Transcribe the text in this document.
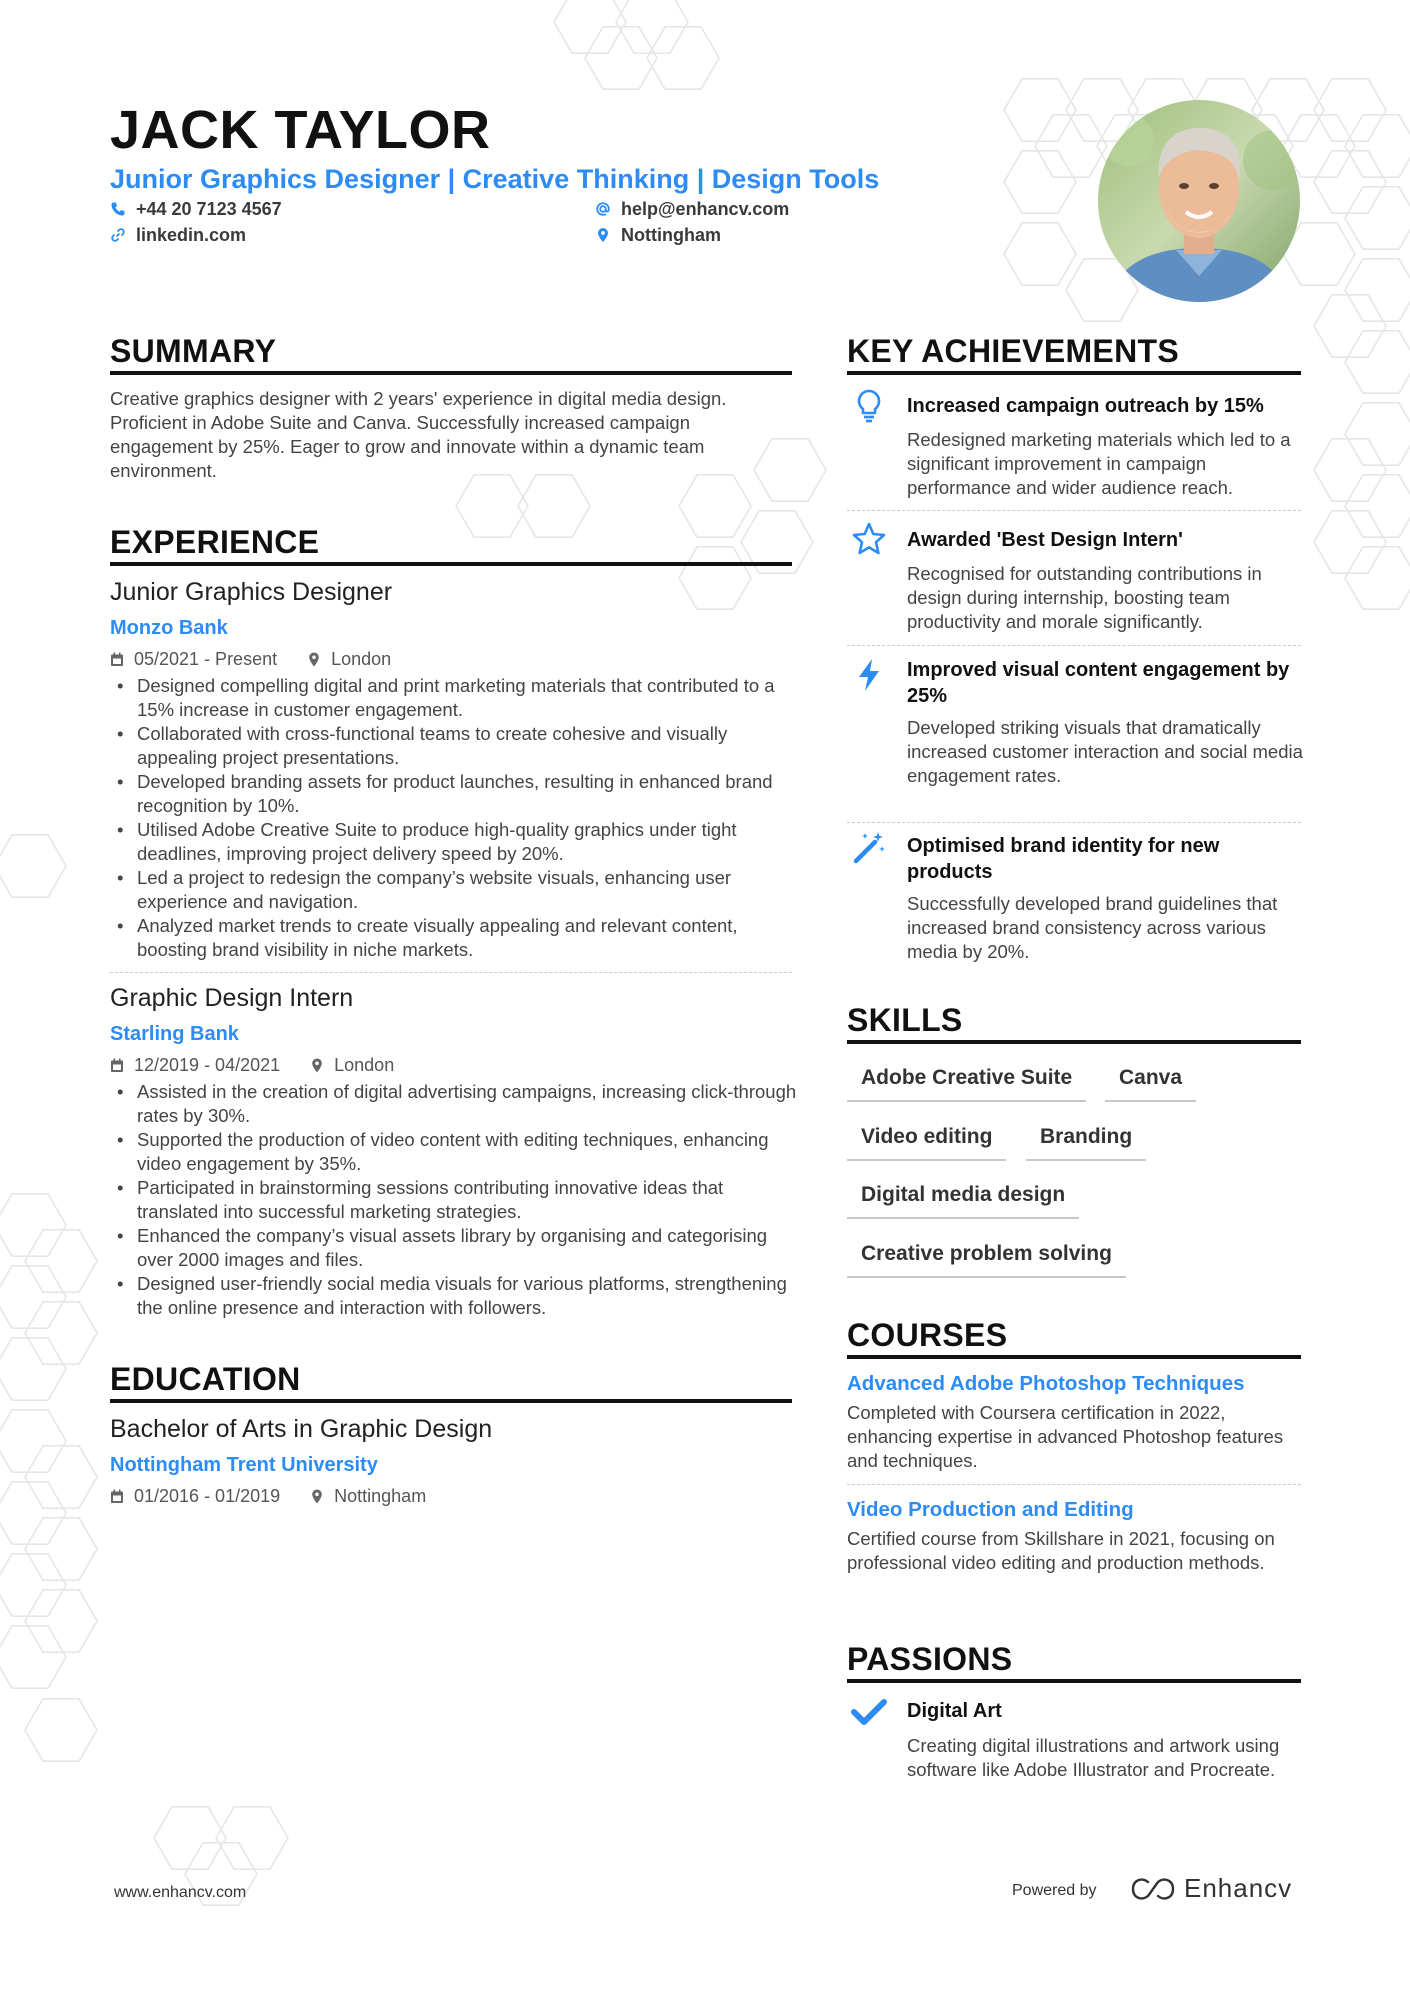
JACK TAYLOR
Junior Graphics Designer | Creative Thinking | Design Tools
+44 20 7123 4567	help@enhancv.com
linkedin.com	Nottingham
SUMMARY
Creative graphics designer with 2 years' experience in digital media design. Proficient in Adobe Suite and Canva. Successfully increased campaign engagement by 25%. Eager to grow and innovate within a dynamic team environment.
EXPERIENCE
Junior Graphics Designer
Monzo Bank
05/2021 - Present	London
• Designed compelling digital and print marketing materials that contributed to a 15% increase in customer engagement.
• Collaborated with cross-functional teams to create cohesive and visually appealing project presentations.
• Developed branding assets for product launches, resulting in enhanced brand recognition by 10%.
• Utilised Adobe Creative Suite to produce high-quality graphics under tight deadlines, improving project delivery speed by 20%.
• Led a project to redesign the company’s website visuals, enhancing user experience and navigation.
• Analyzed market trends to create visually appealing and relevant content, boosting brand visibility in niche markets.
Graphic Design Intern
Starling Bank
12/2019 - 04/2021	London
• Assisted in the creation of digital advertising campaigns, increasing click-through rates by 30%.
• Supported the production of video content with editing techniques, enhancing video engagement by 35%.
• Participated in brainstorming sessions contributing innovative ideas that translated into successful marketing strategies.
• Enhanced the company’s visual assets library by organising and categorising over 2000 images and files.
• Designed user-friendly social media visuals for various platforms, strengthening the online presence and interaction with followers.
EDUCATION
Bachelor of Arts in Graphic Design
Nottingham Trent University
01/2016 - 01/2019	Nottingham
KEY ACHIEVEMENTS
Increased campaign outreach by 15%
Redesigned marketing materials which led to a significant improvement in campaign performance and wider audience reach.
Awarded 'Best Design Intern'
Recognised for outstanding contributions in design during internship, boosting team productivity and morale significantly.
Improved visual content engagement by 25%
Developed striking visuals that dramatically increased customer interaction and social media engagement rates.
Optimised brand identity for new products
Successfully developed brand guidelines that increased brand consistency across various media by 20%.
SKILLS
Adobe Creative Suite	Canva
Video editing	Branding
Digital media design
Creative problem solving
COURSES
Advanced Adobe Photoshop Techniques
Completed with Coursera certification in 2022, enhancing expertise in advanced Photoshop features and techniques.
Video Production and Editing
Certified course from Skillshare in 2021, focusing on professional video editing and production methods.
PASSIONS
Digital Art
Creating digital illustrations and artwork using software like Adobe Illustrator and Procreate.
www.enhancv.com	Powered by	Enhancv
